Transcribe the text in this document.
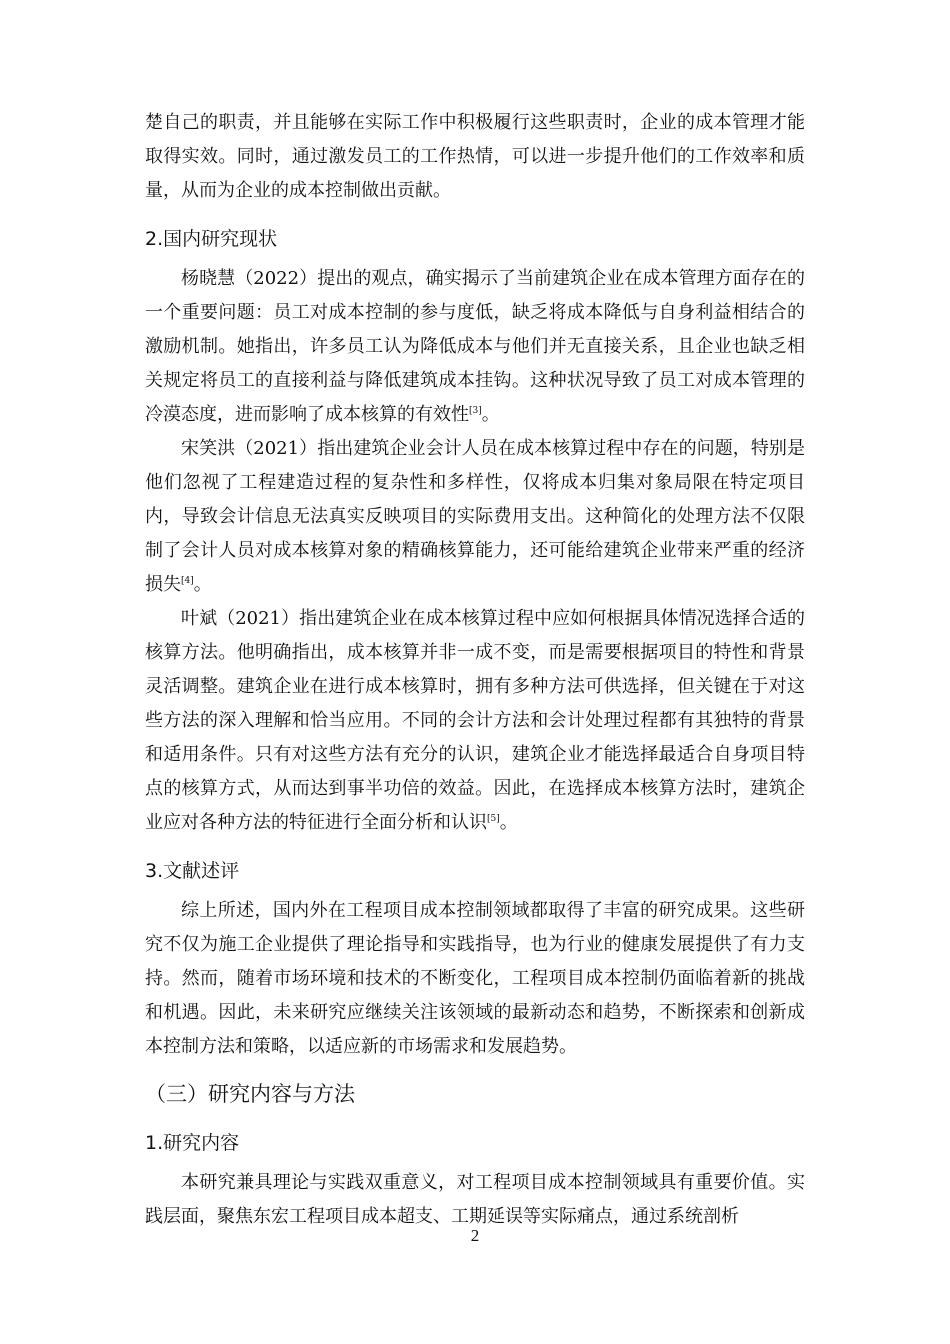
楚自己的职责，并且能够在实际工作中积极履行这些职责时，企业的成本管理才能取得实效。同时，通过激发员工的工作热情，可以进一步提升他们的工作效率和质量，从而为企业的成本控制做出贡献。

2.国内研究现状

杨晓慧（2022）提出的观点，确实揭示了当前建筑企业在成本管理方面存在的一个重要问题：员工对成本控制的参与度低，缺乏将成本降低与自身利益相结合的激励机制。她指出，许多员工认为降低成本与他们并无直接关系，且企业也缺乏相关规定将员工的直接利益与降低建筑成本挂钩。这种状况导致了员工对成本管理的冷漠态度，进而影响了成本核算的有效性[3]。

宋笑洪（2021）指出建筑企业会计人员在成本核算过程中存在的问题，特别是他们忽视了工程建造过程的复杂性和多样性，仅将成本归集对象局限在特定项目内，导致会计信息无法真实反映项目的实际费用支出。这种简化的处理方法不仅限制了会计人员对成本核算对象的精确核算能力，还可能给建筑企业带来严重的经济损失[4]。

叶斌（2021）指出建筑企业在成本核算过程中应如何根据具体情况选择合适的核算方法。他明确指出，成本核算并非一成不变，而是需要根据项目的特性和背景灵活调整。建筑企业在进行成本核算时，拥有多种方法可供选择，但关键在于对这些方法的深入理解和恰当应用。不同的会计方法和会计处理过程都有其独特的背景和适用条件。只有对这些方法有充分的认识，建筑企业才能选择最适合自身项目特点的核算方式，从而达到事半功倍的效益。因此，在选择成本核算方法时，建筑企业应对各种方法的特征进行全面分析和认识[5]。

3.文献述评

综上所述，国内外在工程项目成本控制领域都取得了丰富的研究成果。这些研究不仅为施工企业提供了理论指导和实践指导，也为行业的健康发展提供了有力支持。然而，随着市场环境和技术的不断变化，工程项目成本控制仍面临着新的挑战和机遇。因此，未来研究应继续关注该领域的最新动态和趋势，不断探索和创新成本控制方法和策略，以适应新的市场需求和发展趋势。

（三）研究内容与方法
1.研究内容

本研究兼具理论与实践双重意义，对工程项目成本控制领域具有重要价值。实践层面，聚焦东宏工程项目成本超支、工期延误等实际痛点，通过系统剖析

2
